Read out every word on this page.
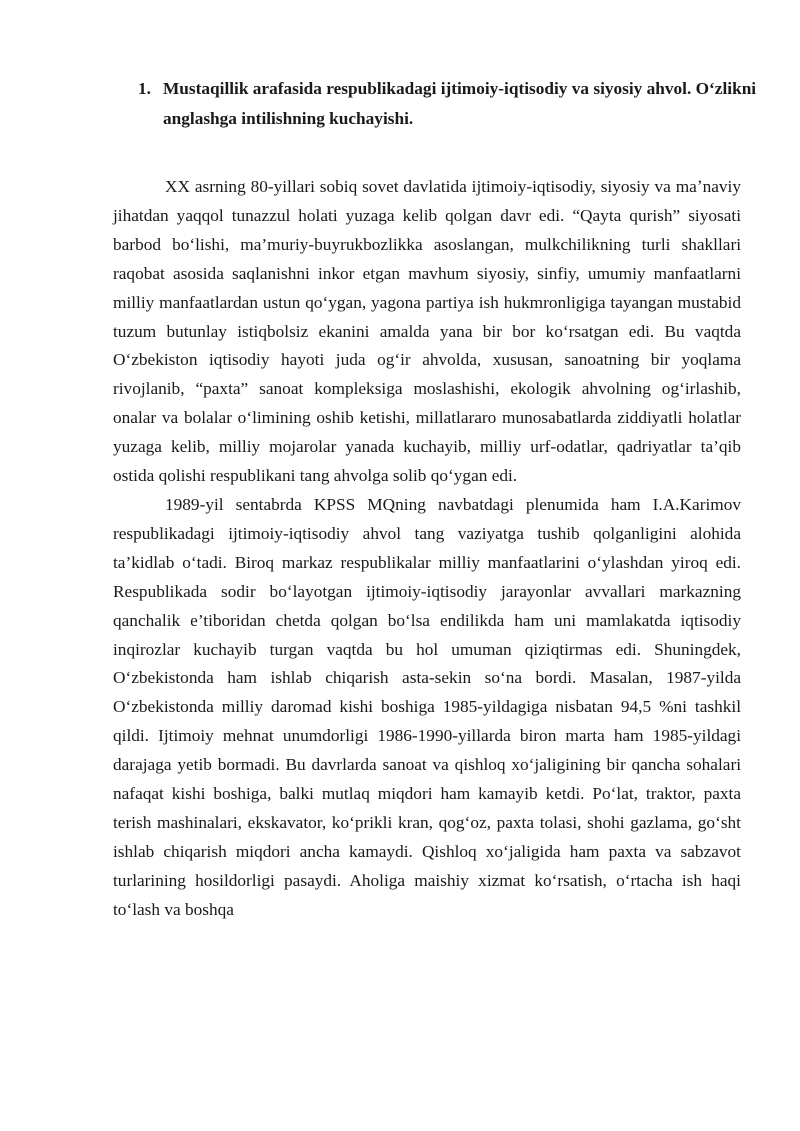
1. Mustaqillik arafasida respublikadagi ijtimoiy-iqtisodiy va siyosiy ahvol. O‘zlikni anglashga intilishning kuchayishi.

XX asrning 80-yillari sobiq sovet davlatida ijtimoiy-iqtisodiy, siyosiy va maʼnaviy jihatdan yaqqol tunazzul holati yuzaga kelib qolgan davr edi. “Qayta qurish” siyosati barbod bo‘lishi, ma’muriy-buyrukbozlikka asoslangan, mulkchilikning turli shakllari raqobat asosida saqlanishni inkor etgan mavhum siyosiy, sinfiy, umumiy manfaatlarni milliy manfaatlardan ustun qo‘ygan, yagona partiya ish hukmronligiga tayangan mustabid tuzum butunlay istiqbolsiz ekanini amalda yana bir bor ko‘rsatgan edi. Bu vaqtda O‘zbekiston iqtisodiy hayoti juda og‘ir ahvolda, xususan, sanoatning bir yoqlama rivojlanib, “paxta” sanoat kompleksiga moslashishi, ekologik ahvolning og‘irlashib, onalar va bolalar o‘limining oshib ketishi, millatlararo munosabatlarda ziddiyatli holatlar yuzaga kelib, milliy mojarolar yanada kuchayib, milliy urf-odatlar, qadriyatlar ta’qib ostida qolishi respublikani tang ahvolga solib qo‘ygan edi.

1989-yil sentabrda KPSS MQning navbatdagi plenumida ham I.A.Karimov respublikadagi ijtimoiy-iqtisodiy ahvol tang vaziyatga tushib qolganligini alohida ta’kidlab o‘tadi. Biroq markaz respublikalar milliy manfaatlarini o‘ylashdan yiroq edi. Respublikada sodir bo‘layotgan ijtimoiy-iqtisodiy jarayonlar avvallari markazning qanchalik e’tiboridan chetda qolgan bo‘lsa endilikda ham uni mamlakatda iqtisodiy inqirozlar kuchayib turgan vaqtda bu hol umuman qiziqtirmas edi. Shuningdek, O‘zbekistonda ham ishlab chiqarish asta-sekin so‘na bordi. Masalan, 1987-yilda O‘zbekistonda milliy daromad kishi boshiga 1985-yildagiga nisbatan 94,5 %ni tashkil qildi. Ijtimoiy mehnat unumdorligi 1986-1990-yillarda biron marta ham 1985-yildagi darajaga yetib bormadi. Bu davrlarda sanoat va qishloq xo‘jaligining bir qancha sohalari nafaqat kishi boshiga, balki mutlaq miqdori ham kamayib ketdi. Po‘lat, traktor, paxta terish mashinalari, ekskavator, ko‘prikli kran, qog‘oz, paxta tolasi, shohi gazlama, go‘sht ishlab chiqarish miqdori ancha kamaydi. Qishloq xo‘jaligida ham paxta va sabzavot turlarining hosildorligi pasaydi. Aholiga maishiy xizmat ko‘rsatish, o‘rtacha ish haqi to‘lash va boshqa
